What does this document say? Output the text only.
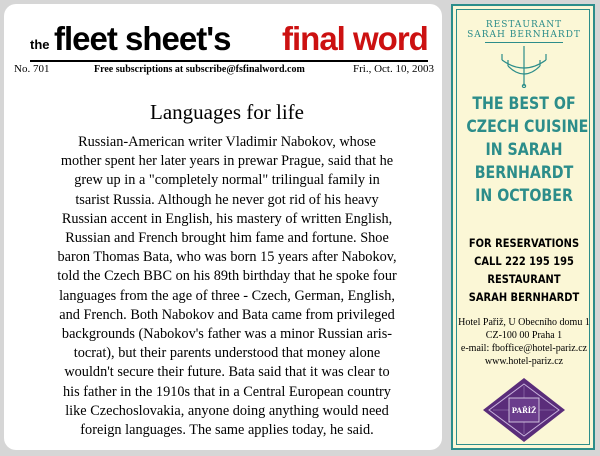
the fleet sheet's final word
No. 701	Free subscriptions at subscribe@fsfinalword.com	Fri., Oct. 10, 2003
Languages for life
Russian-American writer Vladimir Nabokov, whose
mother spent her later years in prewar Prague, said that he
grew up in a "completely normal" trilingual family in
tsarist Russia. Although he never got rid of his heavy
Russian accent in English, his mastery of written English,
Russian and French brought him fame and fortune. Shoe
baron Thomas Bata, who was born 15 years after Nabokov,
told the Czech BBC on his 89th birthday that he spoke four
languages from the age of three - Czech, German, English,
and French. Both Nabokov and Bata came from privileged
backgrounds (Nabokov's father was a minor Russian aris-
tocrat), but their parents understood that money alone
wouldn't secure their future. Bata said that it was clear to
his father in the 1910s that in a Central European country
like Czechoslovakia, anyone doing anything would need
foreign languages. The same applies today, he said.
RESTAURANT
SARAH BERNHARDT
THE BEST OF
CZECH CUISINE
IN SARAH
BERNHARDT
IN OCTOBER
FOR RESERVATIONS
CALL 222 195 195
RESTAURANT
SARAH BERNHARDT
Hotel Pařiž, U Obecního domu 1
CZ-100 00 Praha 1
e-mail: fboffice@hotel-pariz.cz
www.hotel-pariz.cz
PAŘÍŽ
